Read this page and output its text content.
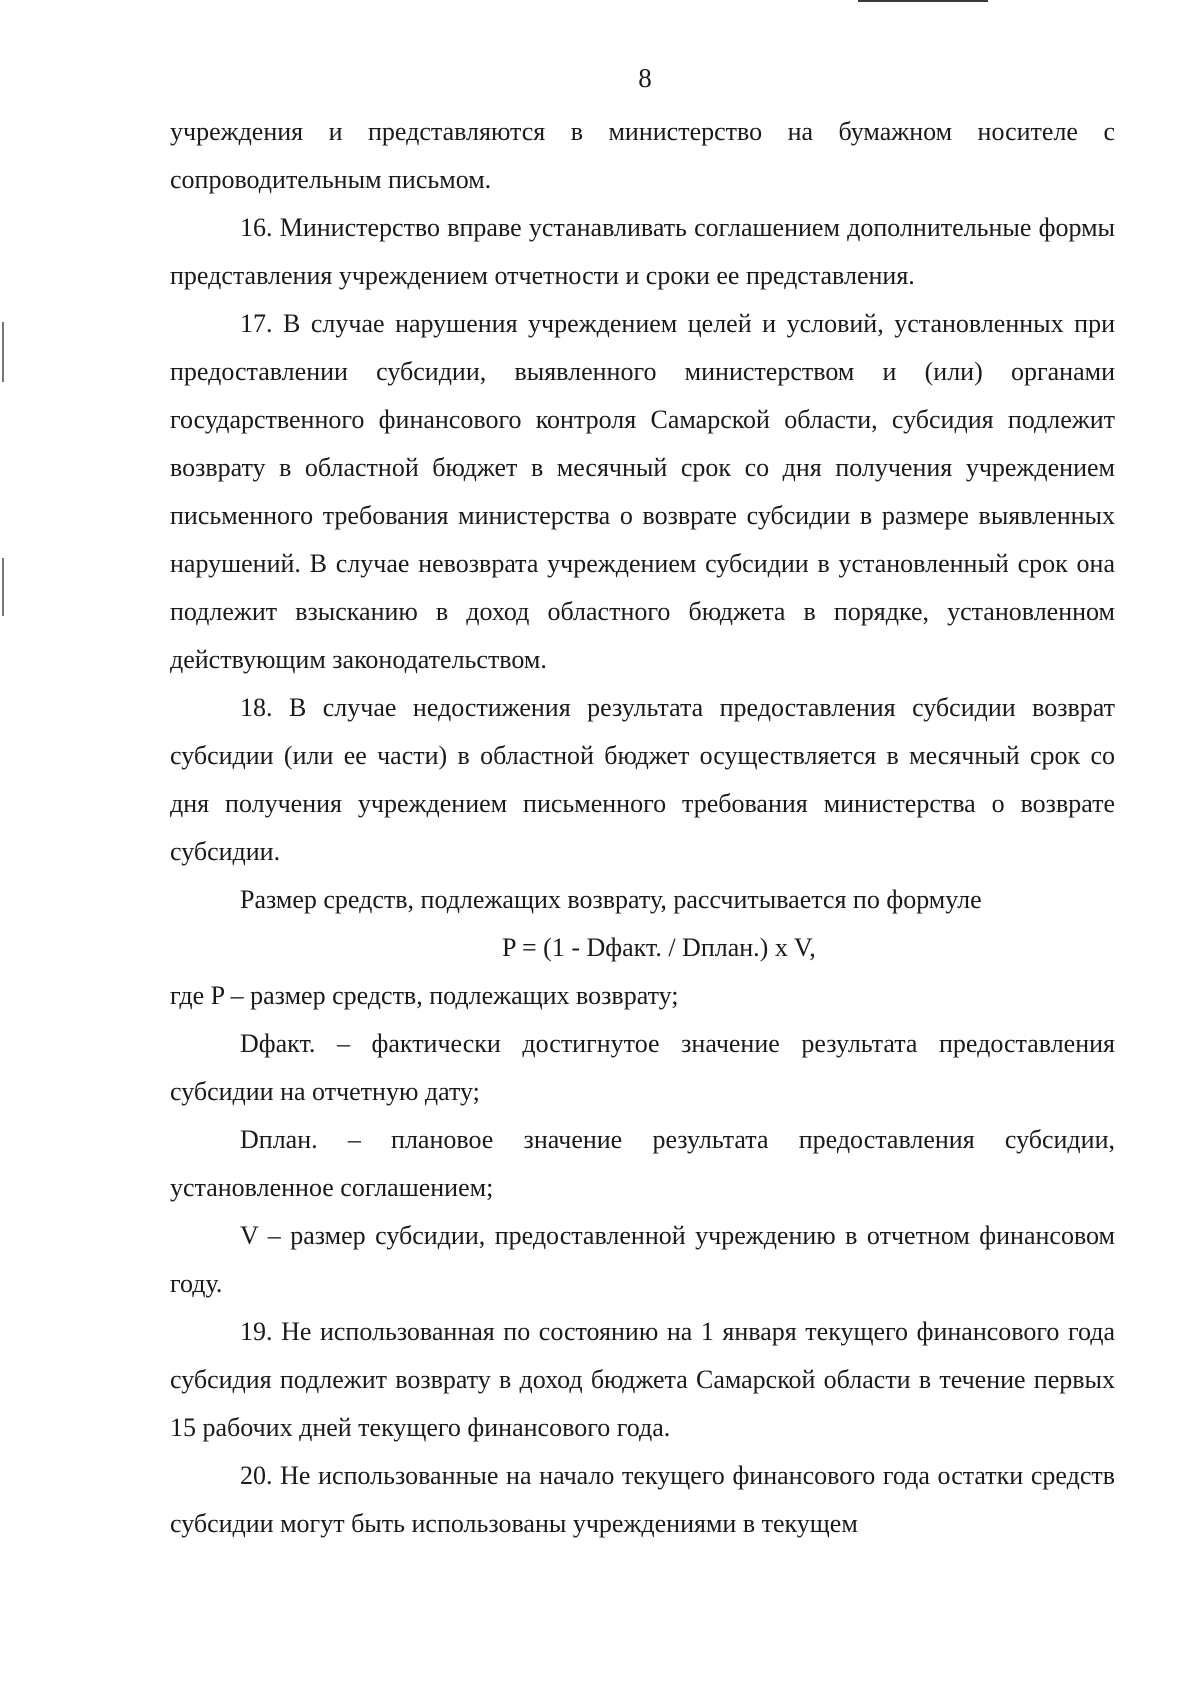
8

учреждения и представляются в министерство на бумажном носителе с сопроводительным письмом.

16. Министерство вправе устанавливать соглашением дополнительные формы представления учреждением отчетности и сроки ее представления.

17. В случае нарушения учреждением целей и условий, установленных при предоставлении субсидии, выявленного министерством и (или) органами государственного финансового контроля Самарской области, субсидия подлежит возврату в областной бюджет в месячный срок со дня получения учреждением письменного требования министерства о возврате субсидии в размере выявленных нарушений. В случае невозврата учреждением субсидии в установленный срок она подлежит взысканию в доход областного бюджета в порядке, установленном действующим законодательством.

18. В случае недостижения результата предоставления субсидии возврат субсидии (или ее части) в областной бюджет осуществляется в месячный срок со дня получения учреждением письменного требования министерства о возврате субсидии.

Размер средств, подлежащих возврату, рассчитывается по формуле

P = (1 - Dфакт. / Dплан.) x V,

где P – размер средств, подлежащих возврату;

Dфакт. – фактически достигнутое значение результата предоставления субсидии на отчетную дату;

Dплан. – плановое значение результата предоставления субсидии, установленное соглашением;

V – размер субсидии, предоставленной учреждению в отчетном финансовом году.

19. Не использованная по состоянию на 1 января текущего финансового года субсидия подлежит возврату в доход бюджета Самарской области в течение первых 15 рабочих дней текущего финансового года.

20. Не использованные на начало текущего финансового года остатки средств субсидии могут быть использованы учреждениями в текущем
